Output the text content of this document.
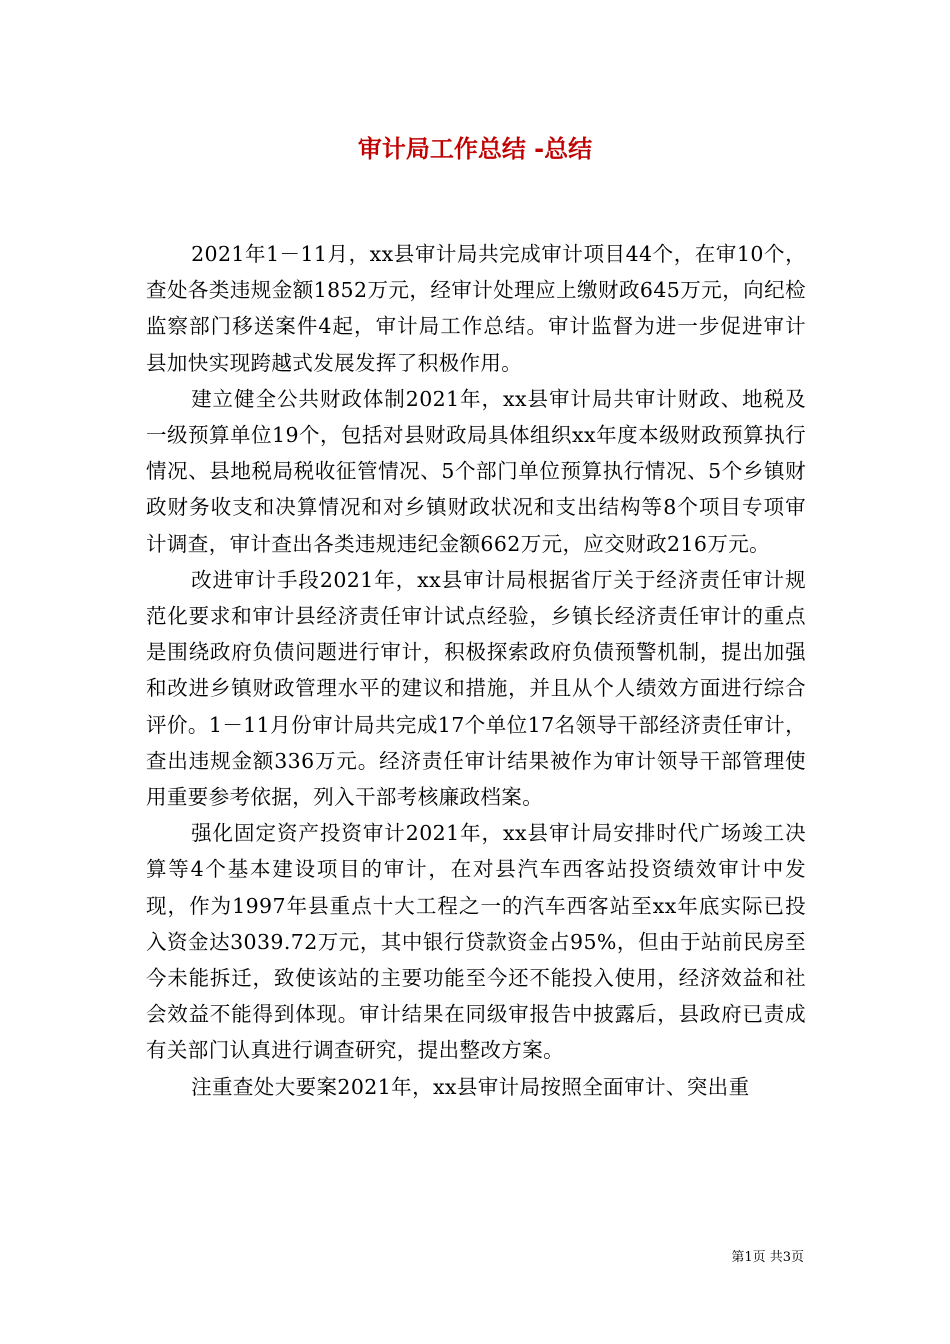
审计局工作总结 -总结

2021年1－11月，xx县审计局共完成审计项目44个，在审10个，查处各类违规金额1852万元，经审计处理应上缴财政645万元，向纪检监察部门移送案件4起，审计局工作总结。审计监督为进一步促进审计县加快实现跨越式发展发挥了积极作用。

建立健全公共财政体制2021年，xx县审计局共审计财政、地税及一级预算单位19个，包括对县财政局具体组织xx年度本级财政预算执行情况、县地税局税收征管情况、5个部门单位预算执行情况、5个乡镇财政财务收支和决算情况和对乡镇财政状况和支出结构等8个项目专项审计调查，审计查出各类违规违纪金额662万元，应交财政216万元。

改进审计手段2021年，xx县审计局根据省厅关于经济责任审计规范化要求和审计县经济责任审计试点经验，乡镇长经济责任审计的重点是围绕政府负债问题进行审计，积极探索政府负债预警机制，提出加强和改进乡镇财政管理水平的建议和措施，并且从个人绩效方面进行综合评价。1－11月份审计局共完成17个单位17名领导干部经济责任审计，查出违规金额336万元。经济责任审计结果被作为审计领导干部管理使用重要参考依据，列入干部考核廉政档案。

强化固定资产投资审计2021年，xx县审计局安排时代广场竣工决算等4个基本建设项目的审计，在对县汽车西客站投资绩效审计中发现，作为1997年县重点十大工程之一的汽车西客站至xx年底实际已投入资金达3039.72万元，其中银行贷款资金占95%，但由于站前民房至今未能拆迁，致使该站的主要功能至今还不能投入使用，经济效益和社会效益不能得到体现。审计结果在同级审报告中披露后，县政府已责成有关部门认真进行调查研究，提出整改方案。

注重查处大要案2021年，xx县审计局按照全面审计、突出重

第1页 共3页
